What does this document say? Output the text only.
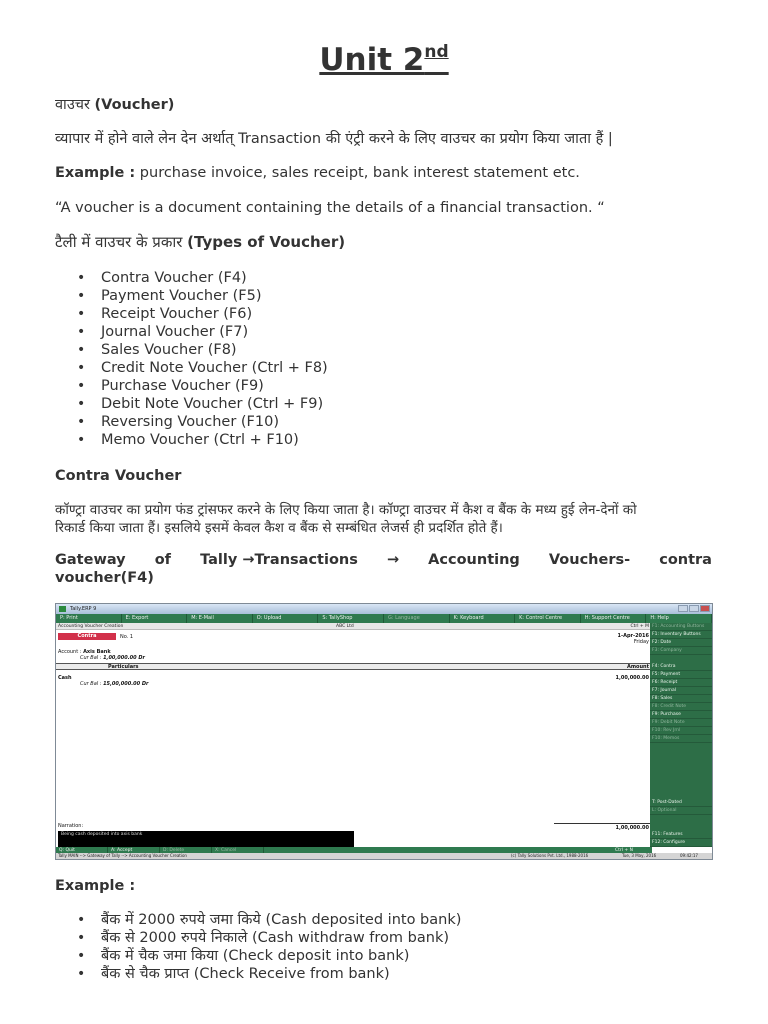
Unit 2nd
वाउचर (Voucher)
व्यापार में होने वाले लेन देन अर्थात् Transaction की एंट्री करने के लिए वाउचर का प्रयोग किया जाता हैं |
Example : purchase invoice, sales receipt, bank interest statement etc.
“A voucher is a document containing the details of a financial transaction. “
टैली में वाउचर के प्रकार (Types of Voucher)
• Contra Voucher (F4)
• Payment Voucher (F5)
• Receipt Voucher (F6)
• Journal Voucher (F7)
• Sales Voucher (F8)
• Credit Note Voucher (Ctrl + F8)
• Purchase Voucher (F9)
• Debit Note Voucher (Ctrl + F9)
• Reversing Voucher (F10)
• Memo Voucher (Ctrl + F10)
Contra Voucher
कॉण्ट्रा वाउचर का प्रयोग फंड ट्रांसफर करने के लिए किया जाता है। कॉण्ट्रा वाउचर में कैश व बैंक के मध्य हुई लेन-देनों को
रिकार्ड किया जाता हैं। इसलिये इसमें केवल कैश व बैंक से सम्बंधित लेजर्स ही प्रदर्शित होते हैं।
Gateway of Tally →Transactions → Accounting Vouchers- contra
voucher(F4)
Tally.ERP 9
P: Print	E: Export	M: E-Mail	O: Upload	S: TallyShop	G: Language	K: Keyboard	K: Control Centre	H: Support Centre	H: Help
Accounting Voucher Creation	ABC Ltd	Ctrl + M
Contra	No. 1	1-Apr-2016
Friday
Account : Axis Bank
Cur Bal : 1,00,000.00 Dr
Particulars	Amount
Cash
Cur Bal : 15,00,000.00 Dr
1,00,000.00
Narration:	1,00,000.00
Being cash deposited into axis bank
F1: Accounting Buttons
F1: Inventory Buttons
F2: Date
F3: Company
F4: Contra
F5: Payment
F6: Receipt
F7: Journal
F8: Sales
F8: Credit Note
F9: Purchase
F9: Debit Note
F10: Rev Jrnl
F10: Memos
T: Post-Dated
L: Optional
F11: Features
F12: Configure
Q: Quit	A: Accept	D: Delete	X: Cancel	Ctrl + N
Tally MAIN --> Gateway of Tally --> Accounting Voucher Creation	(c) Tally Solutions Pvt. Ltd., 1988-2016	Tue, 3 May, 2016	09:42:17
Example :
• बैंक में 2000 रुपये जमा किये (Cash deposited into bank)
• बैंक से 2000 रुपये निकाले (Cash withdraw from bank)
• बैंक में चैक जमा किया (Check deposit into bank)
• बैंक से चैक प्राप्त (Check Receive from bank)
